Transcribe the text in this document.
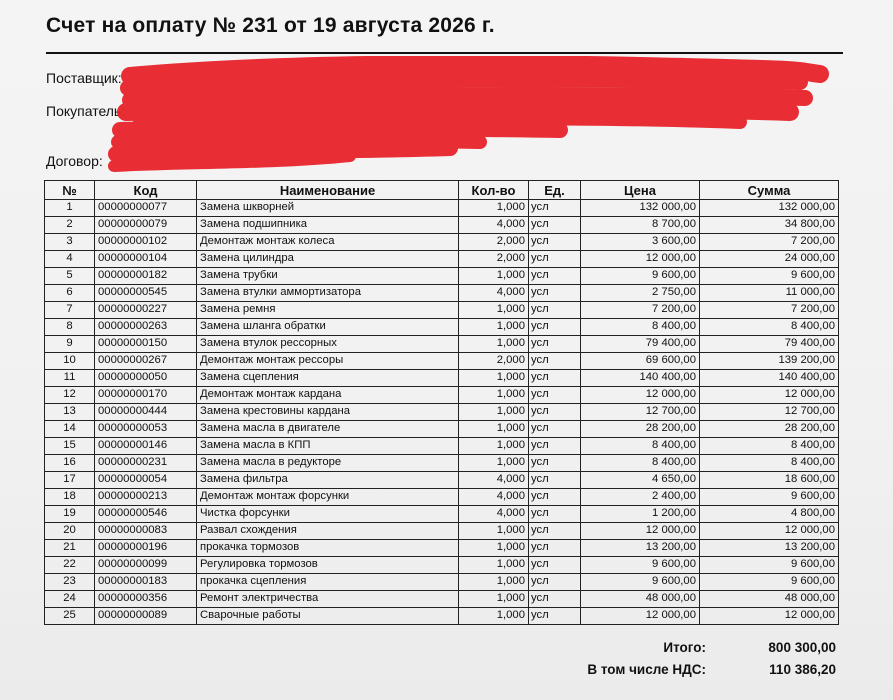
Счет на оплату № 231 от 19 августа 2026 г.
Поставщик:
Покупатель:
Договор:
№	Код	Наименование	Кол-во	Ед.	Цена	Сумма
1	00000000077	Замена шкворней	1,000	усл	132 000,00	132 000,00
2	00000000079	Замена подшипника	4,000	усл	8 700,00	34 800,00
3	00000000102	Демонтаж монтаж колеса	2,000	усл	3 600,00	7 200,00
4	00000000104	Замена цилиндра	2,000	усл	12 000,00	24 000,00
5	00000000182	Замена трубки	1,000	усл	9 600,00	9 600,00
6	00000000545	Замена втулки аммортизатора	4,000	усл	2 750,00	11 000,00
7	00000000227	Замена ремня	1,000	усл	7 200,00	7 200,00
8	00000000263	Замена шланга обратки	1,000	усл	8 400,00	8 400,00
9	00000000150	Замена втулок рессорных	1,000	усл	79 400,00	79 400,00
10	00000000267	Демонтаж монтаж рессоры	2,000	усл	69 600,00	139 200,00
11	00000000050	Замена сцепления	1,000	усл	140 400,00	140 400,00
12	00000000170	Демонтаж монтаж кардана	1,000	усл	12 000,00	12 000,00
13	00000000444	Замена крестовины кардана	1,000	усл	12 700,00	12 700,00
14	00000000053	Замена масла в двигателе	1,000	усл	28 200,00	28 200,00
15	00000000146	Замена масла в КПП	1,000	усл	8 400,00	8 400,00
16	00000000231	Замена масла в редукторе	1,000	усл	8 400,00	8 400,00
17	00000000054	Замена фильтра	4,000	усл	4 650,00	18 600,00
18	00000000213	Демонтаж монтаж форсунки	4,000	усл	2 400,00	9 600,00
19	00000000546	Чистка форсунки	4,000	усл	1 200,00	4 800,00
20	00000000083	Развал схождения	1,000	усл	12 000,00	12 000,00
21	00000000196	прокачка тормозов	1,000	усл	13 200,00	13 200,00
22	00000000099	Регулировка тормозов	1,000	усл	9 600,00	9 600,00
23	00000000183	прокачка сцепления	1,000	усл	9 600,00	9 600,00
24	00000000356	Ремонт электричества	1,000	усл	48 000,00	48 000,00
25	00000000089	Сварочные работы	1,000	усл	12 000,00	12 000,00
Итого:	800 300,00
В том числе НДС:	110 386,20
